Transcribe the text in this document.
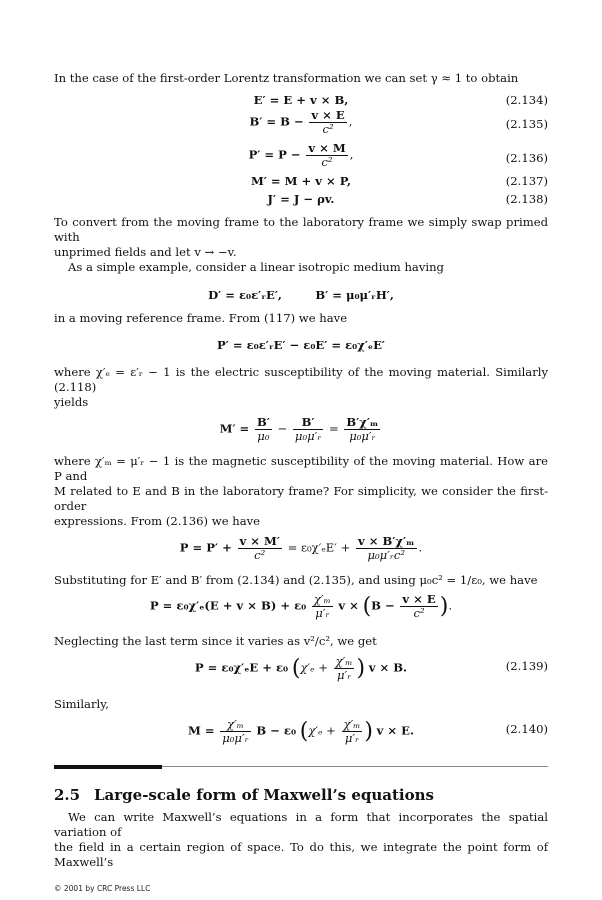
In the case of the first-order Lorentz transformation we can set γ ≈ 1 to obtain

E′ = E + v × B,	(2.134)
$B' = B - \frac{v \times E}{\text{c²}}$ ,	(2.135)
$P' = P - \frac{v \times M}{\text{c²}}$ ,	(2.136)
M′ = M + v × P,	(2.137)
J′ = J − ρv.	(2.138)

To convert from the moving frame to the laboratory frame we simply swap primed with
unprimed fields and let v → −v.

As a simple example, consider a linear isotropic medium having

D′ = ε₀ε′ᵣE′,	B′ = μ₀μ′ᵣH′,

in a moving reference frame. From (117) we have

P′ = ε₀ε′ᵣE′ − ε₀E′ = ε₀χ′ₑE′

where χ′ₑ = ε′ᵣ − 1 is the electric susceptibility of the moving material. Similarly (2.118)
yields

$M' = \frac{B'}{\text{μ₀}} - \frac{B'}{\text{μ₀μ′ᵣ}} = \frac{\text{B′χ′ₘ}}{\text{μ₀μ′ᵣ}}$

where χ′ₘ = μ′ᵣ − 1 is the magnetic susceptibility of the moving material. How are P and
M related to E and B in the laboratory frame? For simplicity, we consider the first-order
expressions. From (2.136) we have

$P = P' + \frac{v \times M'}{\text{c²}} = \varepsilon_0\chi'_eE' + \frac{\text{v × B′χ′ₘ}}{\text{μ₀μ′ᵣc²}}$ .

Substituting for E′ and B′ from (2.134) and (2.135), and using μ₀c² = 1/ε₀, we have

$P = \varepsilon_0\chi'_e(E + v \times B) + \varepsilon_0 \frac{\text{χ′ₘ}}{\text{μ′ᵣ}}$ $v \times (B - \frac{v \times E}{\text{c²}}$ ).

Neglecting the last term since it varies as v²/c², we get

P = ε₀χ′ₑE + ε₀ ($\chi'_e + \frac{\text{χ′ₘ}}{\text{μ′ᵣ}}$ ) v × B.	(2.139)

Similarly,

$M = \frac{\text{χ′ₘ}}{\text{μ₀μ′ᵣ}}$ B − ε₀ ($\chi'_e + \frac{\text{χ′ₘ}}{\text{μ′ᵣ}}$ ) v × E.	(2.140)
2.5 Large-scale form of Maxwell’s equations

We can write Maxwell’s equations in a form that incorporates the spatial variation of
the field in a certain region of space. To do this, we integrate the point form of Maxwell’s

© 2001 by CRC Press LLC
